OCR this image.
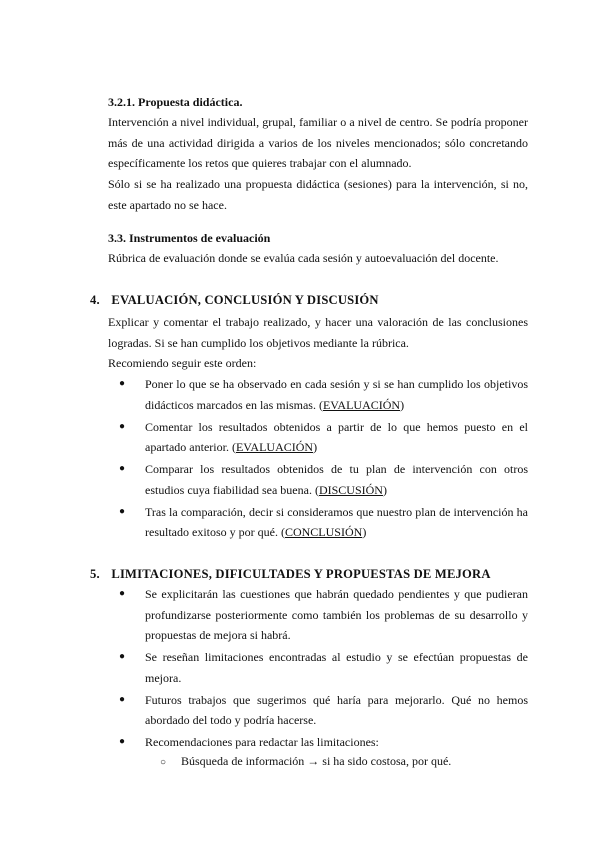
3.2.1. Propuesta didáctica.
Intervención a nivel individual, grupal, familiar o a nivel de centro. Se podría proponer más de una actividad dirigida a varios de los niveles mencionados; sólo concretando específicamente los retos que quieres trabajar con el alumnado.
Sólo si se ha realizado una propuesta didáctica (sesiones) para la intervención, si no, este apartado no se hace.
3.3. Instrumentos de evaluación
Rúbrica de evaluación donde se evalúa cada sesión y autoevaluación del docente.
4. EVALUACIÓN, CONCLUSIÓN Y DISCUSIÓN
Explicar y comentar el trabajo realizado, y hacer una valoración de las conclusiones logradas. Si se han cumplido los objetivos mediante la rúbrica.
Recomiendo seguir este orden:
● Poner lo que se ha observado en cada sesión y si se han cumplido los objetivos didácticos marcados en las mismas. (EVALUACIÓN)
● Comentar los resultados obtenidos a partir de lo que hemos puesto en el apartado anterior. (EVALUACIÓN)
● Comparar los resultados obtenidos de tu plan de intervención con otros estudios cuya fiabilidad sea buena. (DISCUSIÓN)
● Tras la comparación, decir si consideramos que nuestro plan de intervención ha resultado exitoso y por qué. (CONCLUSIÓN)
5. LIMITACIONES, DIFICULTADES Y PROPUESTAS DE MEJORA
● Se explicitarán las cuestiones que habrán quedado pendientes y que pudieran profundizarse posteriormente como también los problemas de su desarrollo y propuestas de mejora si habrá.
● Se reseñan limitaciones encontradas al estudio y se efectúan propuestas de mejora.
● Futuros trabajos que sugerimos qué haría para mejorarlo. Qué no hemos abordado del todo y podría hacerse.
● Recomendaciones para redactar las limitaciones:
○ Búsqueda de información → si ha sido costosa, por qué.
